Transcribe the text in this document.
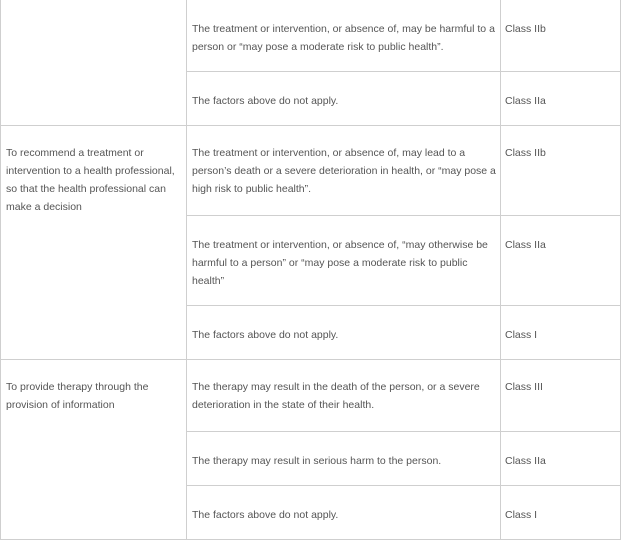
	The treatment or intervention, or absence of, may be harmful to a person or “may pose a moderate risk to public health”.	Class IIb

	The factors above do not apply.	Class IIa

To recommend a treatment or intervention to a health professional, so that the health professional can make a decision	The treatment or intervention, or absence of, may lead to a person’s death or a severe deterioration in health, or “may pose a high risk to public health”.	Class IIb

	The treatment or intervention, or absence of, “may otherwise be harmful to a person” or “may pose a moderate risk to public health”	Class IIa

	The factors above do not apply.	Class I

To provide therapy through the provision of information	The therapy may result in the death of the person, or a severe deterioration in the state of their health.	Class III

	The therapy may result in serious harm to the person.	Class IIa

	The factors above do not apply.	Class I
